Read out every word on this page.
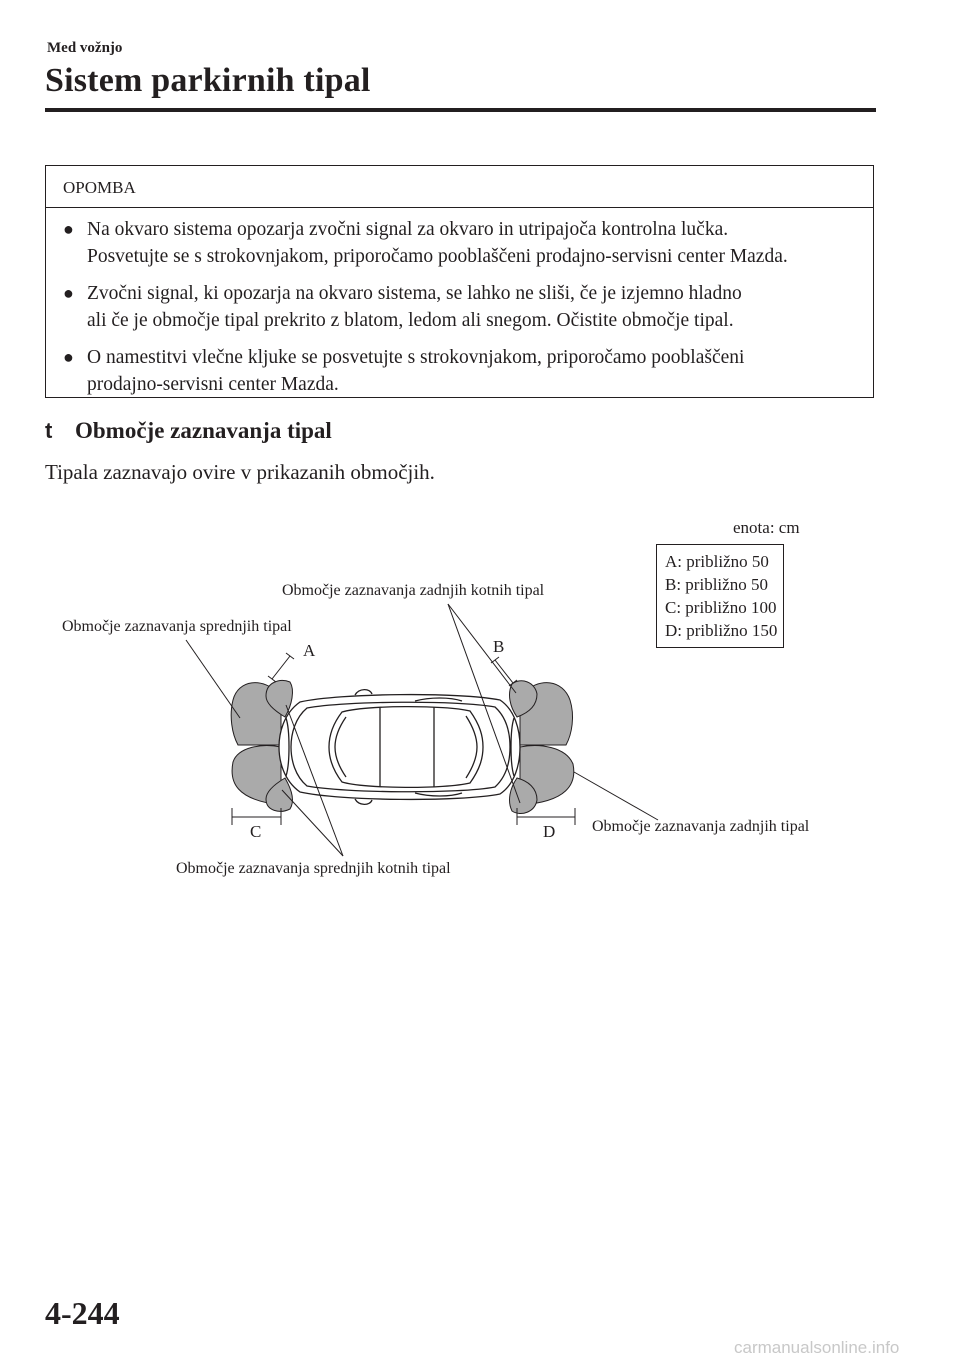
Med vožnjo
Sistem parkirnih tipal
OPOMBA
● Na okvaro sistema opozarja zvočni signal za okvaro in utripajoča kontrolna lučka.
Posvetujte se s strokovnjakom, priporočamo pooblaščeni prodajno-servisni center Mazda.
● Zvočni signal, ki opozarja na okvaro sistema, se lahko ne sliši, če je izjemno hladno
ali če je območje tipal prekrito z blatom, ledom ali snegom. Očistite območje tipal.
● O namestitvi vlečne kljuke se posvetujte s strokovnjakom, priporočamo pooblaščeni
prodajno-servisni center Mazda.
t Območje zaznavanja tipal
Tipala zaznavajo ovire v prikazanih območjih.
enota: cm
A: približno 50
B: približno 50
C: približno 100
D: približno 150
Območje zaznavanja sprednjih tipal
Območje zaznavanja zadnjih kotnih tipal
Območje zaznavanja zadnjih tipal
Območje zaznavanja sprednjih kotnih tipal
A	B
C	D
4-244
carmanualsonline.info
